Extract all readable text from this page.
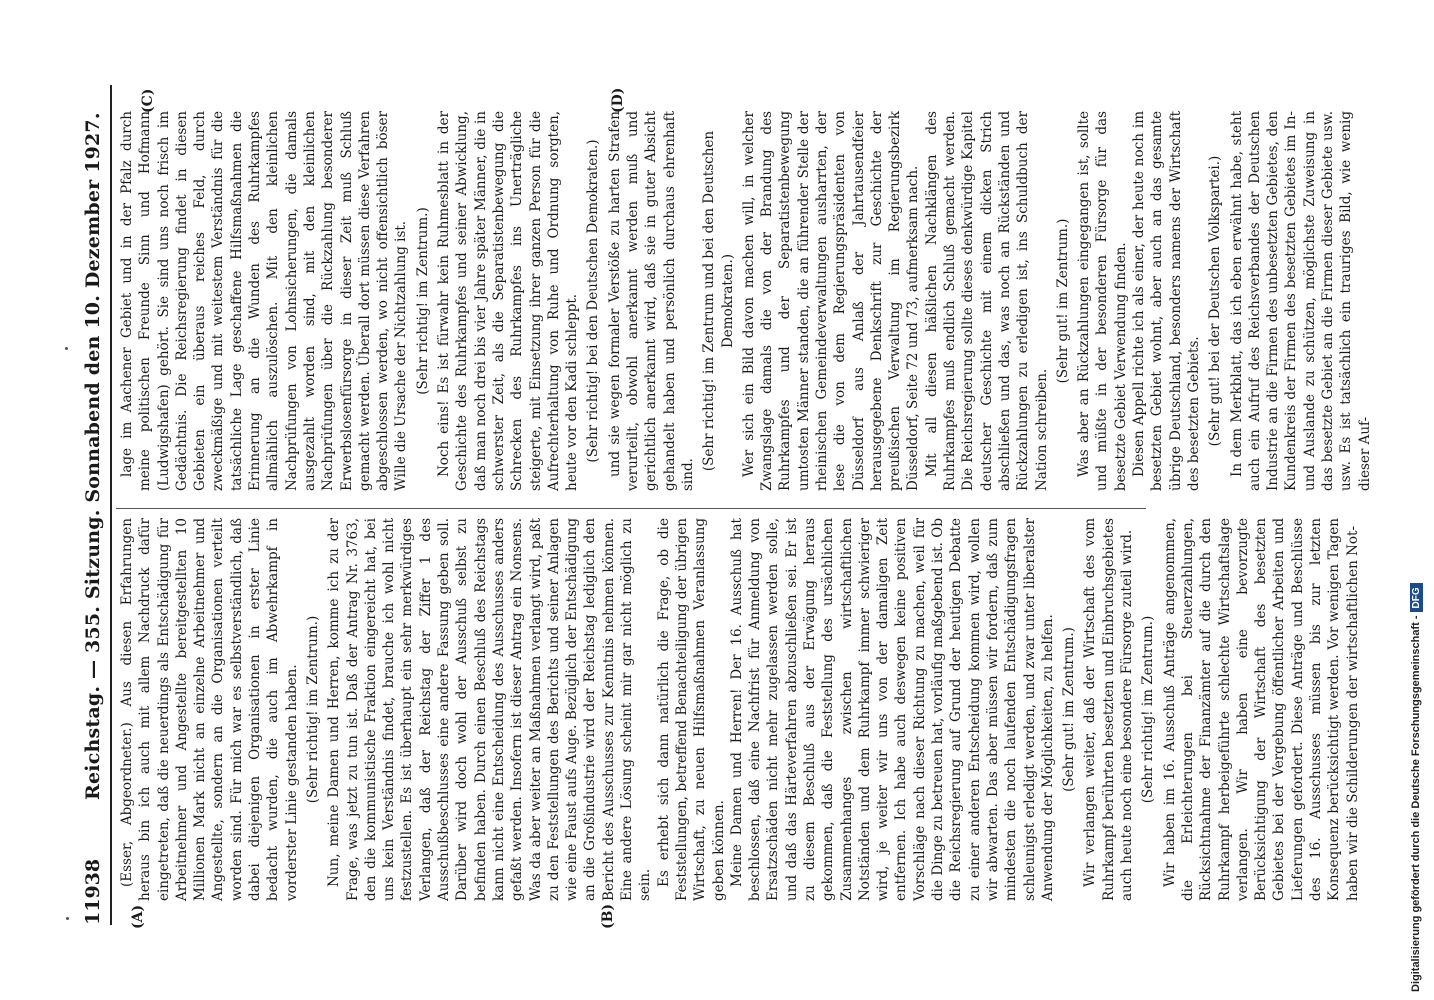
11938
Reichstag. — 355. Sitzung. Sonnabend den 10. Dezember 1927.
(A)	(B)
(C)	(D)

(Esser, Abgeordneter.) Aus diesen Erfahrungen heraus bin ich auch mit allem Nachdruck dafür eingetreten, daß die neuerdings als Entschädigung für Arbeitnehmer und Angestellte bereitgestellten 10 Millionen Mark nicht an einzelne Arbeitnehmer und Angestellte, sondern an die Organisationen verteilt worden sind. Für mich war es selbstverständlich, daß dabei diejenigen Organisationen in erster Linie bedacht wurden, die auch im Abwehrkampf in vorderster Linie gestanden haben. (Sehr richtig! im Zentrum.) Nun, meine Damen und Herren, komme ich zu der Frage, was jetzt zu tun ist. Daß der Antrag Nr. 3763, den die kommunistische Fraktion eingereicht hat, bei uns kein Verständnis findet, brauche ich wohl nicht festzustellen. Es ist überhaupt ein sehr merkwürdiges Verlangen, daß der Reichstag der Ziffer 1 des Ausschußbeschlusses eine andere Fassung geben soll. Darüber wird doch wohl der Ausschuß selbst zu befinden haben. Durch einen Beschluß des Reichstags kann nicht eine Entscheidung des Ausschusses anders gefaßt werden. Insofern ist dieser Antrag ein Nonsens. Was da aber weiter an Maßnahmen verlangt wird, paßt zu den Feststellungen des Berichts und seiner Anlagen wie eine Faust aufs Auge. Bezüglich der Entschädigung an die Großindustrie wird der Reichstag lediglich den Bericht des Ausschusses zur Kenntnis nehmen können. Eine andere Lösung scheint mir gar nicht möglich zu sein. Es erhebt sich dann natürlich die Frage, ob die Feststellungen, betreffend Benachteiligung der übrigen Wirtschaft, zu neuen Hilfsmaßnahmen Veranlassung geben können. Meine Damen und Herren! Der 16. Ausschuß hat beschlossen, daß eine Nachfrist für Anmeldung von Ersatzschäden nicht mehr zugelassen werden solle, und daß das Härteverfahren abzuschließen sei. Er ist zu diesem Beschluß aus der Erwägung heraus gekommen, daß die Feststellung des ursächlichen Zusammenhanges zwischen wirtschaftlichen Notständen und dem Ruhrkampf immer schwieriger wird, je weiter wir uns von der damaligen Zeit entfernen. Ich habe auch deswegen keine positiven Vorschläge nach dieser Richtung zu machen, weil für die Dinge zu betreuen hat, vorläufig maßgebend ist. Ob die Reichsregierung auf Grund der heutigen Debatte zu einer anderen Entscheidung kommen wird, wollen wir abwarten. Das aber müssen wir fordern, daß zum mindesten die noch laufenden Entschädigungsfragen schleunigst erledigt werden, und zwar unter liberalster Anwendung der Möglichkeiten, zu helfen. (Sehr gut! im Zentrum.) Wir verlangen weiter, daß der Wirtschaft des vom Ruhrkampf berührten besetzten und Einbruchsgebietes auch heute noch eine besondere Fürsorge zuteil wird. (Sehr richtig! im Zentrum.) Wir haben im 16. Ausschuß Anträge angenommen, die Erleichterungen bei Steuerzahlungen, Rücksichtnahme der Finanzämter auf die durch den Ruhrkampf herbeigeführte schlechte Wirtschaftslage verlangen. Wir haben eine bevorzugte Berücksichtigung der Wirtschaft des besetzten Gebietes bei der Vergebung öffentlicher Arbeiten und Lieferungen gefordert. Diese Anträge und Beschlüsse des 16. Ausschusses müssen bis zur letzten Konsequenz berücksichtigt werden. Vor wenigen Tagen haben wir die Schilderungen der wirtschaftlichen Not-

lage im Aachener Gebiet und in der Pfalz durch meine politischen Freunde Sinn und Hofmann (Ludwigshafen) gehört. Sie sind uns noch frisch im Gedächtnis. Die Reichsregierung findet in diesen Gebieten ein überaus reiches Feld, durch zweckmäßige und mit weitestem Verständnis für die tatsächliche Lage geschaffene Hilfsmaßnahmen die Erinnerung an die Wunden des Ruhrkampfes allmählich auszulöschen. Mit den kleinlichen Nachprüfungen von Lohnsicherungen, die damals ausgezahlt worden sind, mit den kleinlichen Nachprüfungen über die Rückzahlung besonderer Erwerbslosenfürsorge in dieser Zeit muß Schluß gemacht werden. Überall dort müssen diese Verfahren abgeschlossen werden, wo nicht offensichtlich böser Wille die Ursache der Nichtzahlung ist. (Sehr richtig! im Zentrum.) Noch eins! Es ist fürwahr kein Ruhmesblatt in der Geschichte des Ruhrkampfes und seiner Abwicklung, daß man noch drei bis vier Jahre später Männer, die in schwerster Zeit, als die Separatistenbewegung die Schrecken des Ruhrkampfes ins Unerträgliche steigerte, mit Einsetzung ihrer ganzen Person für die Aufrechterhaltung von Ruhe und Ordnung sorgten, heute vor den Kadi schleppt. (Sehr richtig! bei den Deutschen Demokraten.) und sie wegen formaler Verstöße zu harten Strafen verurteilt, obwohl anerkannt werden muß und gerichtlich anerkannt wird, daß sie in guter Absicht gehandelt haben und persönlich durchaus ehrenhaft sind.

(Sehr richtig! im Zentrum und bei den Deutschen Demokraten.) Wer sich ein Bild davon machen will, in welcher Zwangslage damals die von der Brandung des Ruhrkampfes und der Separatistenbewegung umtosten Männer standen, die an führender Stelle der rheinischen Gemeindeverwaltungen ausharrten, der lese die von dem Regierungspräsidenten von Düsseldorf aus Anlaß der Jahrtausendfeier herausgegebene Denkschrift zur Geschichte der preußischen Verwaltung im Regierungsbezirk Düsseldorf, Seite 72 und 73, aufmerksam nach. Mit all diesen häßlichen Nachklängen des Ruhrkampfes muß endlich Schluß gemacht werden. Die Reichsregierung sollte dieses denkwürdige Kapitel deutscher Geschichte mit einem dicken Strich abschließen und das, was noch an Rückständen und Rückzahlungen zu erledigen ist, ins Schuldbuch der Nation schreiben.

(Sehr gut! im Zentrum.) Was aber an Rückzahlungen eingegangen ist, sollte und müßte in der besonderen Fürsorge für das besetzte Gebiet Verwendung finden. Diesen Appell richte ich als einer, der heute noch im besetzten Gebiet wohnt, aber auch an das gesamte übrige Deutschland, besonders namens der Wirtschaft des besetzten Gebiets. (Sehr gut! bei der Deutschen Volkspartei.) In dem Merkblatt, das ich eben erwähnt habe, steht auch ein Aufruf des Reichsverbandes der Deutschen Industrie an die Firmen des unbesetzten Gebietes, den Kundenkreis der Firmen des besetzten Gebietes im In- und Auslande zu schützen, möglichste Zuweisung in das besetzte Gebiet an die Firmen dieser Gebiete usw. usw. Es ist tatsächlich ein trauriges Bild, wie wenig dieser Auf-

Digitalisierung gefördert durch die Deutsche Forschungsgemeinschaft -DFG
